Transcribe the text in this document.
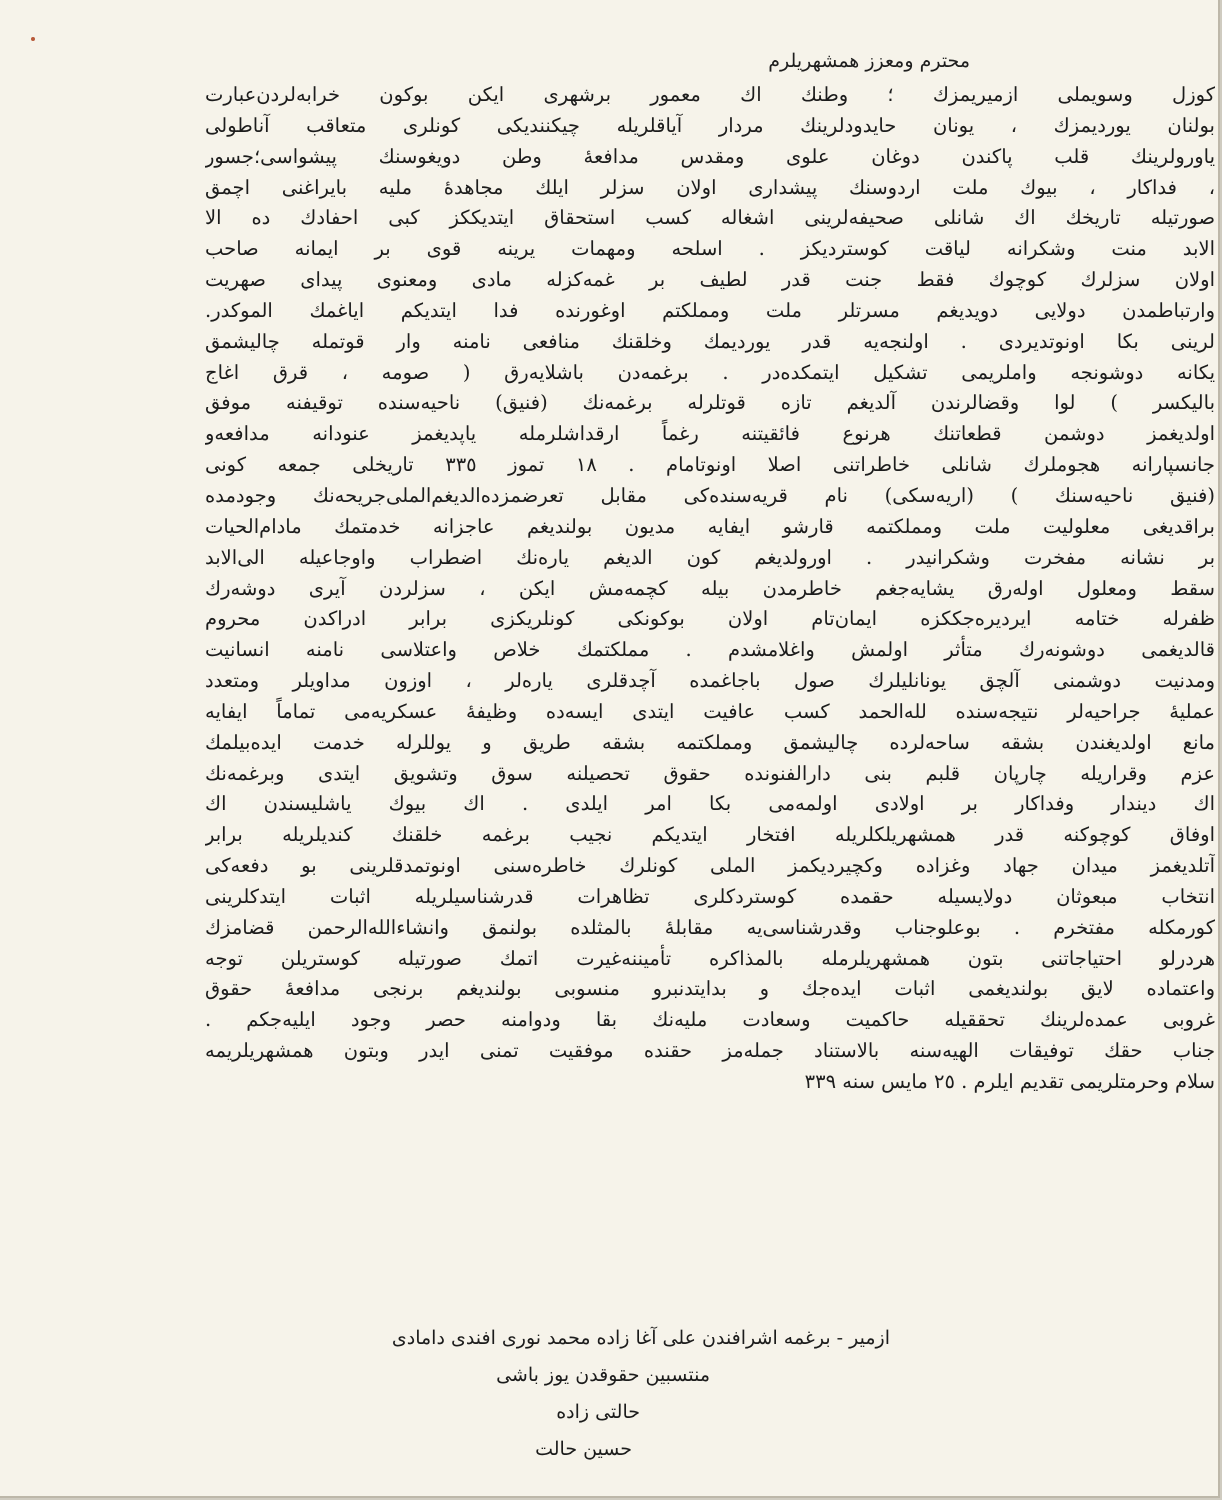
محترم ومعزز همشهریلرم
کوزل وسویملی ازمیریمزك ؛ وطنك اك معمور برشهری ایکن بوکون خرابه‌لردن‌عبارت
بولنان یوردیمزك ، یونان حایدودلرینك مردار آیاقلریله چیکننديکی کونلری متعاقب آناطولی
یاورولرینك قلب پاکندن دوغان علوی ومقدس مدافعهٔ وطن دویغوسنك پیشواسی؛جسور
، فداکار ، بیوك ملت اردوسنك پیشداری اولان سزلر ایلك مجاهدهٔ ملیه بایراغنی اچمق
صورتیله تاریخك اك شانلی صحیفه‌لرینی اشغاله کسب استحقاق ایتدیککز کبی احفادك ده الا
الابد منت وشکرانه لیاقت کوستردیکز . اسلحه ومهمات یرینه قوی بر ایمانه صاحب
اولان سزلرك کوچوك فقط جنت قدر لطیف بر غمه‌کزله مادی ومعنوی پیدای صهریت
وارتباطمدن دولایی دویدیغم مسرتلر ملت ومملکتم اوغورنده فدا ایتدیکم ایاغمك الموکدر.
لرینی بکا اونوتدیردی . اولنجه‌یه قدر یوردیمك وخلقنك منافعی نامنه وار قوتمله چالیشمق
یکانه دوشونجه واملریمی تشکیل ایتمکده‌در . برغمه‌دن باشلایه‌رق ( صومه ، قرق اغاج
بالیکسر ) لوا وقضالرندن آلدیغم تازه قوتلرله برغمه‌نك (فنیق) ناحیه‌سنده توقیفنه موفق
اولدیغمز دوشمن قطعاتنك هرنوع فائقیتنه رغماً ارقداشلرمله یاپدیغمز عنودانه مدافعه‌و
جانسپارانه هجوملرك شانلی خاطراتنی اصلا اونوتامام . ١٨ تموز ٣٣٥ تاریخلی جمعه کونی
(فنیق ناحیه‌سنك ) (اریه‌سکی) نام قریه‌سنده‌کی مقابل تعرضمزده‌الدیغم‌الملی‌جریحه‌نك وجودمده
براقدیغی معلولیت ملت ومملکتمه قارشو ایفایه مدیون بولندیغم عاجزانه خدمتمك مادام‌الحیات
بر نشانه مفخرت وشکرانیدر . اورولدیغم کون الدیغم یاره‌نك اضطراب واوجاعیله الی‌الابد
سقط ومعلول اوله‌رق یشایه‌جغم خاطرمدن بیله کچمه‌مش ایکن ، سزلردن آیری دوشه‌رك
ظفرله ختامه ایردیره‌جککزه ایمان‌تام اولان بوکونکی کونلریکزی برابر ادراکدن محروم
قالدیغمی دوشونه‌رك متأثر اولمش واغلامشدم . مملکتمك خلاص واعتلاسی نامنه انسانیت
ومدنیت دوشمنی آلچق یونانلیلرك صول باجاغمده آچدقلری یاره‌لر ، اوزون مداویلر ومتعدد
عملیهٔ جراحیه‌لر نتیجه‌سنده لله‌الحمد کسب عافیت ایتدی ایسه‌ده وظیفهٔ عسکریه‌می تماماً ایفایه
مانع اولدیغندن بشقه ساحه‌لرده چالیشمق ومملکتمه بشقه طریق و یوللرله خدمت ایده‌بیلمك
عزم وقراریله چارپان قلبم بنی دارالفنونده حقوق تحصیلنه سوق وتشویق ایتدی وبرغمه‌نك
اك دیندار وفداکار بر اولادی اولمه‌می بکا امر ایلدی . اك بیوك یاشلیسندن اك
اوفاق کوچوکنه قدر همشهریلکلریله افتخار ایتدیکم نجیب برغمه خلقنك کندیلریله برابر
آتلدیغمز میدان جهاد وغزاده وکچیردیکمز الملی کونلرك خاطره‌سنی اونوتمدقلرینی بو دفعه‌کی
انتخاب مبعوثان دولایسیله حقمده کوستردکلری تظاهرات قدرشناسیلریله اثبات ایتدکلرینی
کورمکله مفتخرم . بوعلوجناب وقدرشناسی‌یه مقابلهٔ بالمثلده بولنمق وانشاءالله‌الرحمن قضامزك
هردرلو احتیاجاتنی بتون همشهریلرمله بالمذاکره تأمیننه‌غیرت اتمك صورتیله کوستریلن توجه
واعتماده لایق بولندیغمی اثبات ایده‌جك و بدایتدنبرو منسوبی بولندیغم برنجی مدافعهٔ حقوق
غروبی عمده‌لرینك تحققیله حاکمیت وسعادت ملیه‌نك بقا ودوامنه حصر وجود ایلیه‌جکم .
جناب حقك توفیقات الهیه‌سنه بالاستناد جمله‌مز حقنده موفقیت تمنی ایدر وبتون همشهریلریمه
سلام وحرمتلریمی تقدیم ایلرم . ٢٥ مایس سنه ٣٣٩
ازمیر - برغمه اشرافندن علی آغا زاده محمد نوری افندی دامادی
منتسبین حقوقدن یوز باشی
حالتی زاده
حسین حالت
